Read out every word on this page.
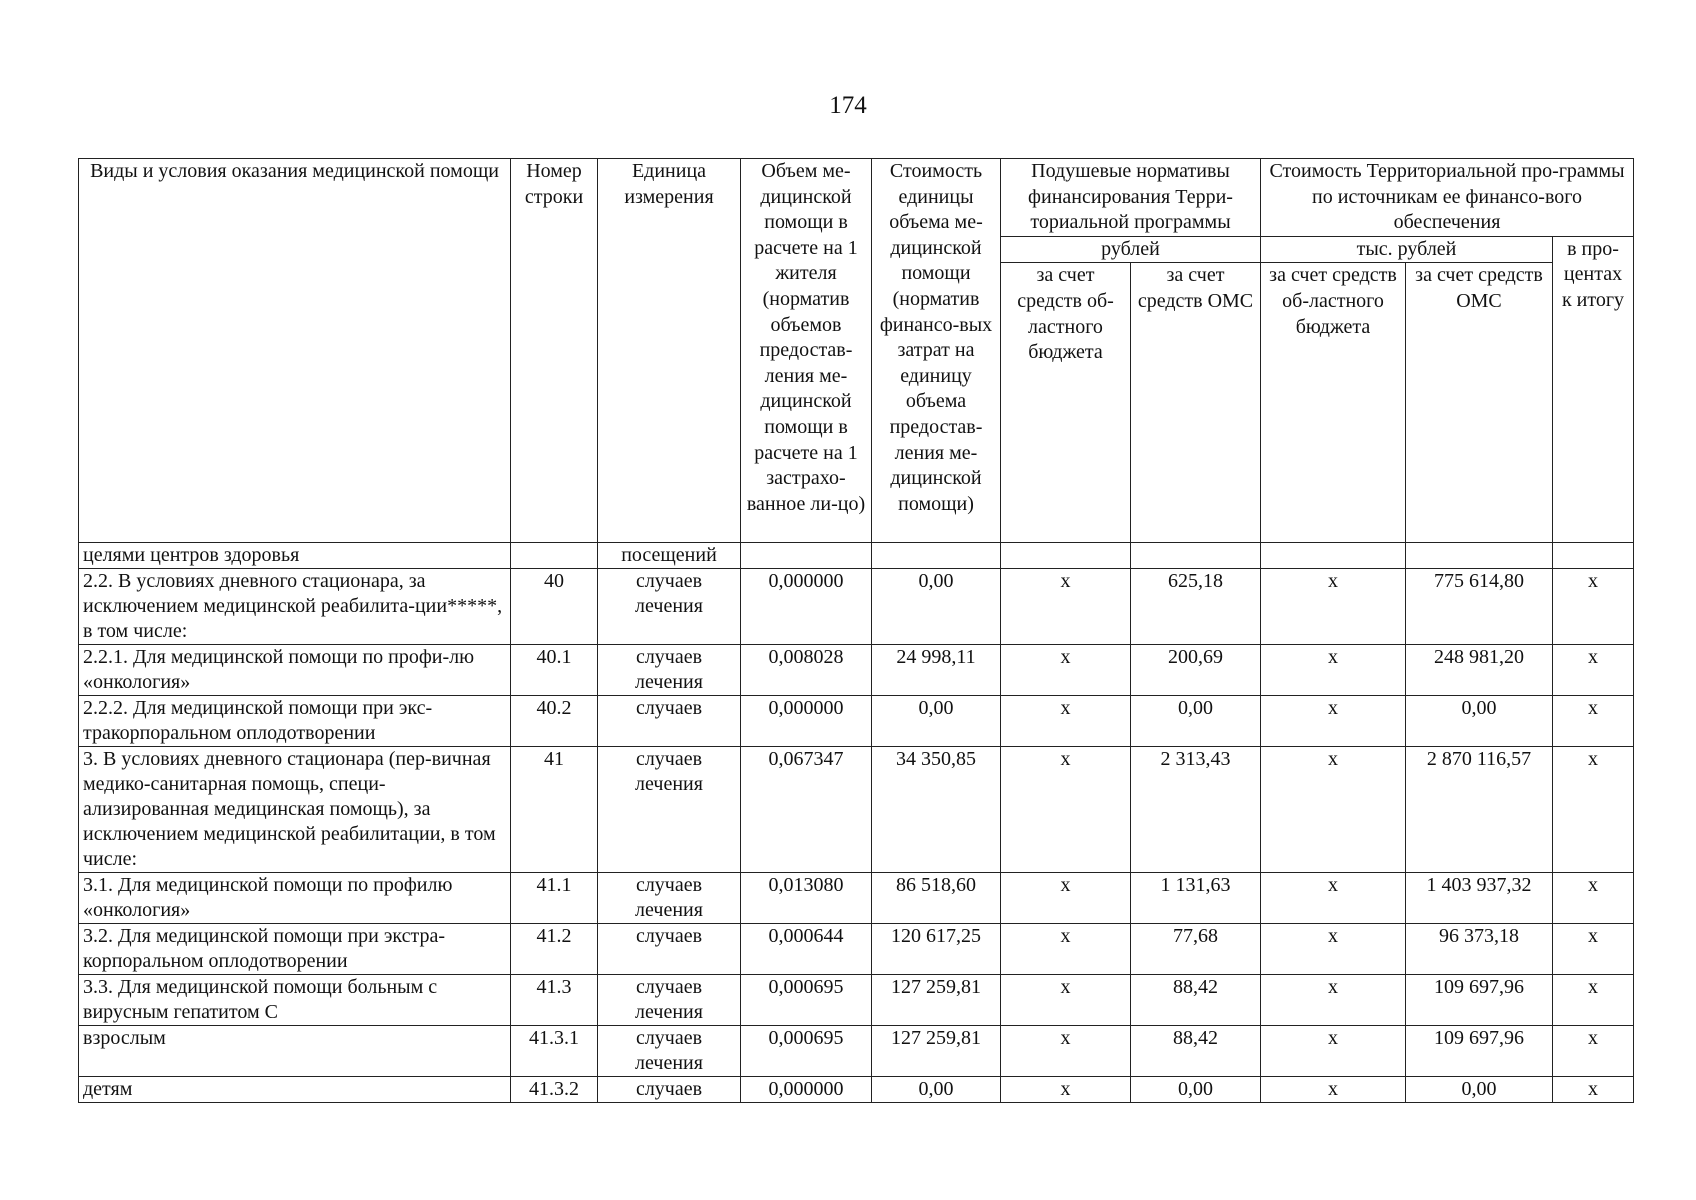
174
Виды и условия оказания медицинской помощи	Номер строки	Единица измерения	Объем ме-дицинской помощи в расчете на 1 жителя (норматив объемов предостав-ления ме-дицинской помощи в расчете на 1 застрахо-ванное ли-цо)	Стоимость единицы объема ме-дицинской помощи (норматив финансо-вых затрат на единицу объема предостав-ления ме-дицинской помощи)	Подушевые нормативы финансирования Терри-ториальной программы		Стоимость Территориальной про-граммы по источникам ее финансо-вого обеспечения		
					рублей		тыс. рублей		в про-центах к итогу
					за счет средств об-ластного бюджета	за счет средств ОМС	за счет средств об-ластного бюджета	за счет средств ОМС	
целями центров здоровья		посещений							
2.2. В условиях дневного стационара, за исключением медицинской реабилита-ции*****, в том числе:	40	случаев лечения	0,000000	0,00	х	625,18	х	775 614,80	х
2.2.1. Для медицинской помощи по профи-лю «онкология»	40.1	случаев лечения	0,008028	24 998,11	х	200,69	х	248 981,20	х
2.2.2. Для медицинской помощи при экс-тракорпоральном оплодотворении	40.2	случаев	0,000000	0,00	х	0,00	х	0,00	х
3. В условиях дневного стационара (пер-вичная медико-санитарная помощь, специ-ализированная медицинская помощь), за исключением медицинской реабилитации, в том числе:	41	случаев лечения	0,067347	34 350,85	х	2 313,43	х	2 870 116,57	х
3.1. Для медицинской помощи по профилю «онкология»	41.1	случаев лечения	0,013080	86 518,60	х	1 131,63	х	1 403 937,32	х
3.2. Для медицинской помощи при экстра-корпоральном оплодотворении	41.2	случаев	0,000644	120 617,25	х	77,68	х	96 373,18	х
3.3. Для медицинской помощи больным с вирусным гепатитом С	41.3	случаев лечения	0,000695	127 259,81	х	88,42	х	109 697,96	х
взрослым	41.3.1	случаев лечения	0,000695	127 259,81	х	88,42	х	109 697,96	х
детям	41.3.2	случаев	0,000000	0,00	х	0,00	х	0,00	х
